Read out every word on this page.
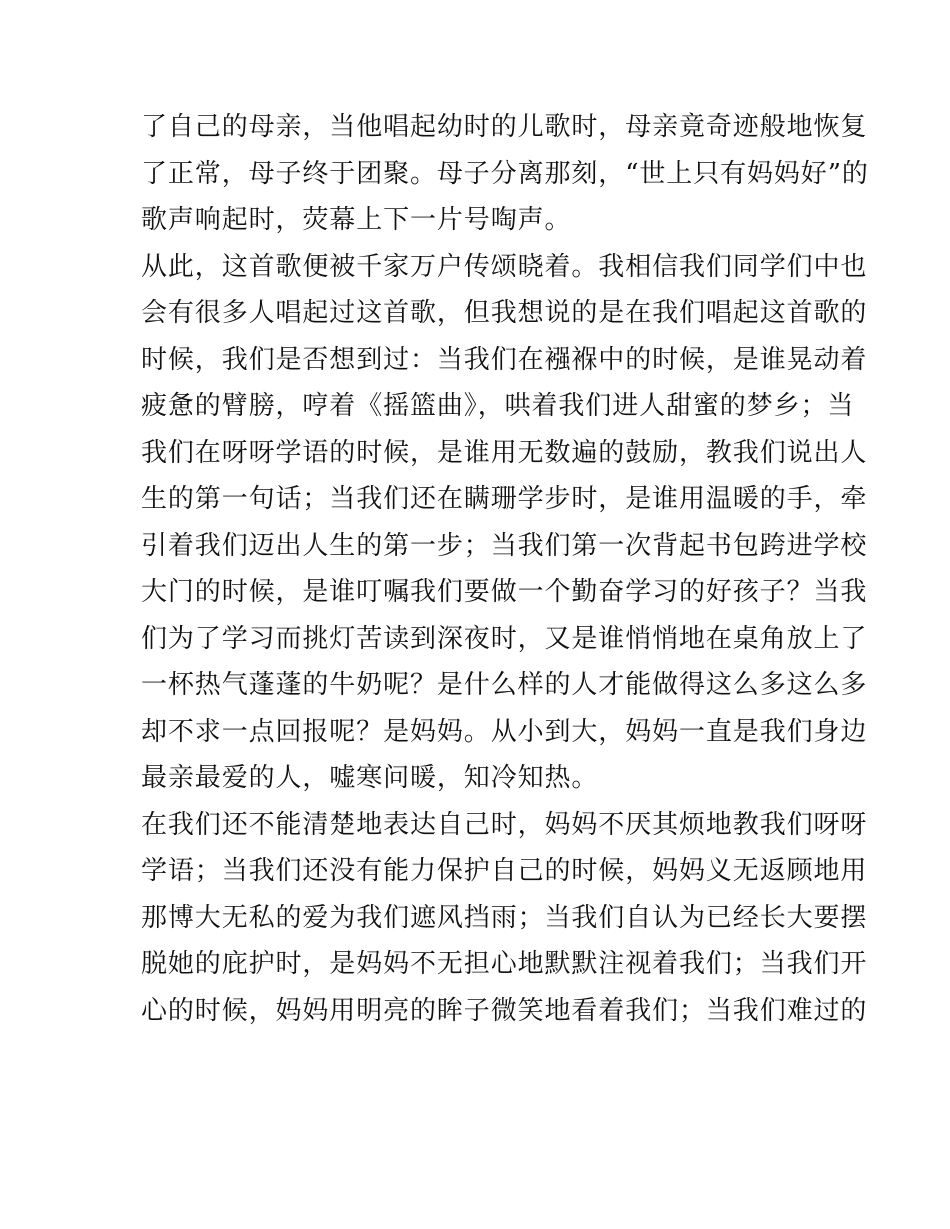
了自己的母亲，当他唱起幼时的儿歌时，母亲竟奇迹般地恢复
了正常，母子终于团聚。母子分离那刻，“世上只有妈妈好”的
歌声响起时，荧幕上下一片号啕声。
从此，这首歌便被千家万户传颂晓着。我相信我们同学们中也
会有很多人唱起过这首歌，但我想说的是在我们唱起这首歌的
时候，我们是否想到过：当我们在襁褓中的时候，是谁晃动着
疲惫的臂膀，哼着《摇篮曲》，哄着我们进人甜蜜的梦乡；当
我们在呀呀学语的时候，是谁用无数遍的鼓励，教我们说出人
生的第一句话；当我们还在瞒珊学步时，是谁用温暖的手，牵
引着我们迈出人生的第一步；当我们第一次背起书包跨进学校
大门的时候，是谁叮嘱我们要做一个勤奋学习的好孩子？当我
们为了学习而挑灯苦读到深夜时，又是谁悄悄地在桌角放上了
一杯热气蓬蓬的牛奶呢？是什么样的人才能做得这么多这么多
却不求一点回报呢？是妈妈。从小到大，妈妈一直是我们身边
最亲最爱的人，嘘寒问暖，知冷知热。
在我们还不能清楚地表达自己时，妈妈不厌其烦地教我们呀呀
学语；当我们还没有能力保护自己的时候，妈妈义无返顾地用
那博大无私的爱为我们遮风挡雨；当我们自认为已经长大要摆
脱她的庇护时，是妈妈不无担心地默默注视着我们；当我们开
心的时候，妈妈用明亮的眸子微笑地看着我们；当我们难过的
